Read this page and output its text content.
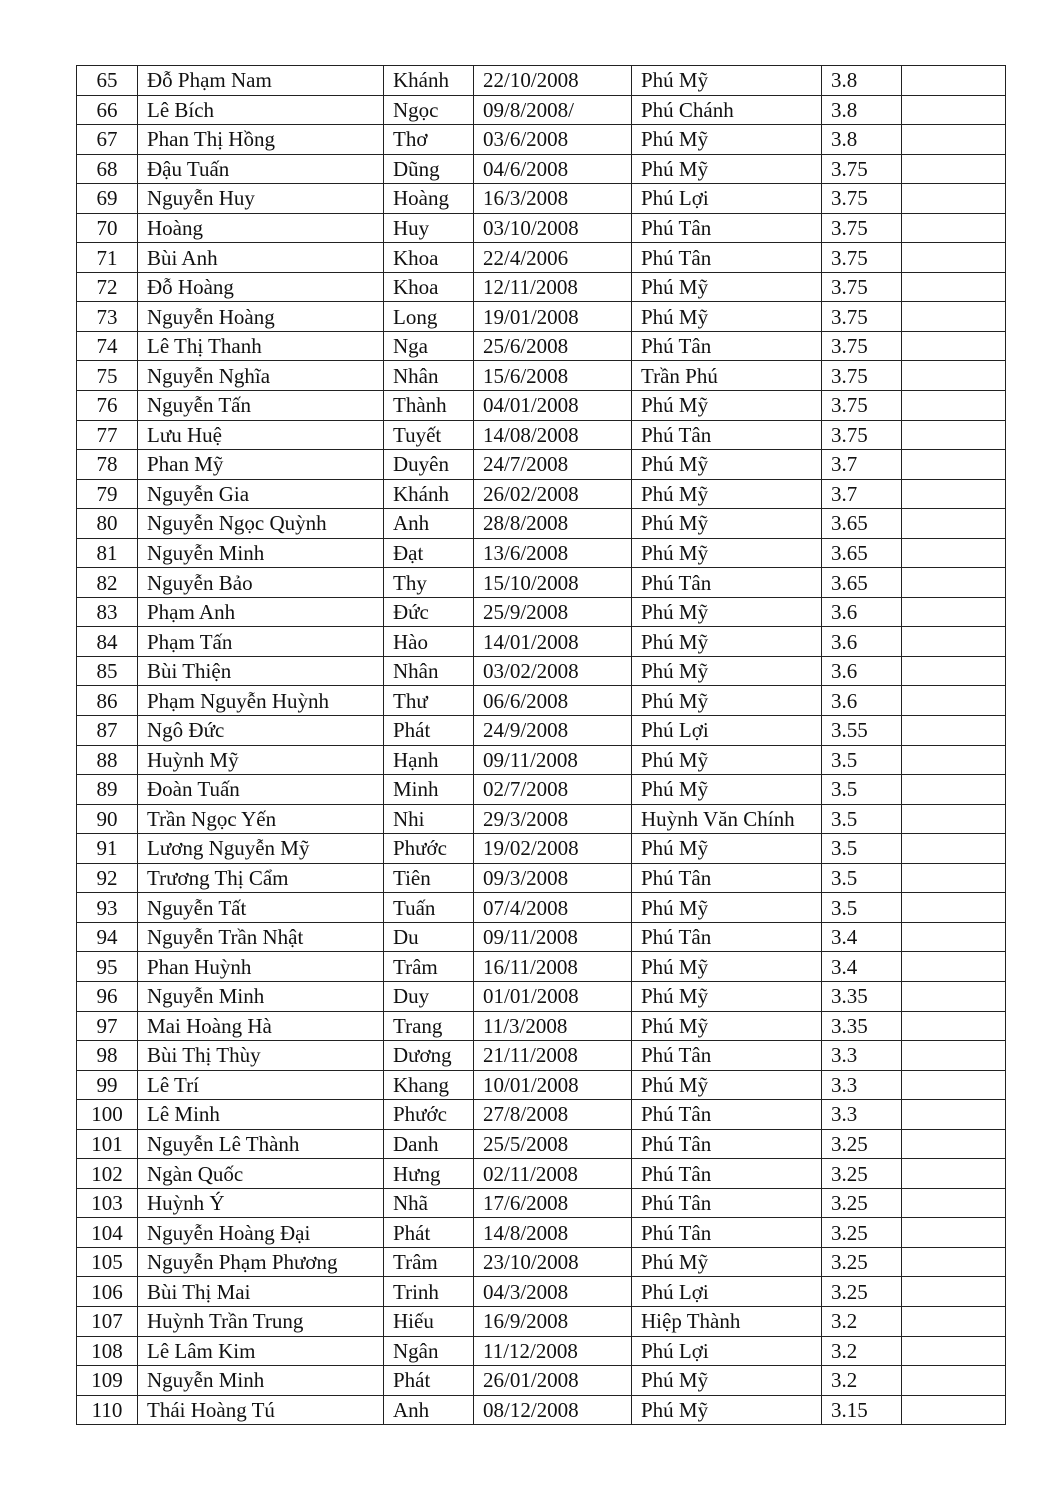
65	Đỗ Phạm Nam	Khánh	22/10/2008	Phú Mỹ	3.8	
66	Lê Bích	Ngọc	09/8/2008/	Phú Chánh	3.8	
67	Phan Thị Hồng	Thơ	03/6/2008	Phú Mỹ	3.8	
68	Đậu Tuấn	Dũng	04/6/2008	Phú Mỹ	3.75	
69	Nguyễn Huy	Hoàng	16/3/2008	Phú Lợi	3.75	
70	Hoàng	Huy	03/10/2008	Phú Tân	3.75	
71	Bùi Anh	Khoa	22/4/2006	Phú Tân	3.75	
72	Đỗ Hoàng	Khoa	12/11/2008	Phú Mỹ	3.75	
73	Nguyễn Hoàng	Long	19/01/2008	Phú Mỹ	3.75	
74	Lê Thị Thanh	Nga	25/6/2008	Phú Tân	3.75	
75	Nguyễn Nghĩa	Nhân	15/6/2008	Trần Phú	3.75	
76	Nguyễn Tấn	Thành	04/01/2008	Phú Mỹ	3.75	
77	Lưu Huệ	Tuyết	14/08/2008	Phú Tân	3.75	
78	Phan Mỹ	Duyên	24/7/2008	Phú Mỹ	3.7	
79	Nguyễn Gia	Khánh	26/02/2008	Phú Mỹ	3.7	
80	Nguyễn Ngọc Quỳnh	Anh	28/8/2008	Phú Mỹ	3.65	
81	Nguyễn Minh	Đạt	13/6/2008	Phú Mỹ	3.65	
82	Nguyễn Bảo	Thy	15/10/2008	Phú Tân	3.65	
83	Phạm Anh	Đức	25/9/2008	Phú Mỹ	3.6	
84	Phạm Tấn	Hào	14/01/2008	Phú Mỹ	3.6	
85	Bùi Thiện	Nhân	03/02/2008	Phú Mỹ	3.6	
86	Phạm Nguyễn Huỳnh	Thư	06/6/2008	Phú Mỹ	3.6	
87	Ngô Đức	Phát	24/9/2008	Phú Lợi	3.55	
88	Huỳnh Mỹ	Hạnh	09/11/2008	Phú Mỹ	3.5	
89	Đoàn Tuấn	Minh	02/7/2008	Phú Mỹ	3.5	
90	Trần Ngọc Yến	Nhi	29/3/2008	Huỳnh Văn Chính	3.5	
91	Lương Nguyễn Mỹ	Phước	19/02/2008	Phú Mỹ	3.5	
92	Trương Thị Cẩm	Tiên	09/3/2008	Phú Tân	3.5	
93	Nguyễn Tất	Tuấn	07/4/2008	Phú Mỹ	3.5	
94	Nguyễn Trần Nhật	Du	09/11/2008	Phú Tân	3.4	
95	Phan Huỳnh	Trâm	16/11/2008	Phú Mỹ	3.4	
96	Nguyễn Minh	Duy	01/01/2008	Phú Mỹ	3.35	
97	Mai Hoàng Hà	Trang	11/3/2008	Phú Mỹ	3.35	
98	Bùi Thị Thùy	Dương	21/11/2008	Phú Tân	3.3	
99	Lê Trí	Khang	10/01/2008	Phú Mỹ	3.3	
100	Lê Minh	Phước	27/8/2008	Phú Tân	3.3	
101	Nguyễn Lê Thành	Danh	25/5/2008	Phú Tân	3.25	
102	Ngàn Quốc	Hưng	02/11/2008	Phú Tân	3.25	
103	Huỳnh Ý	Nhã	17/6/2008	Phú Tân	3.25	
104	Nguyễn Hoàng Đại	Phát	14/8/2008	Phú Tân	3.25	
105	Nguyễn Phạm Phương	Trâm	23/10/2008	Phú Mỹ	3.25	
106	Bùi Thị Mai	Trinh	04/3/2008	Phú Lợi	3.25	
107	Huỳnh Trần Trung	Hiếu	16/9/2008	Hiệp Thành	3.2	
108	Lê Lâm Kim	Ngân	11/12/2008	Phú Lợi	3.2	
109	Nguyễn Minh	Phát	26/01/2008	Phú Mỹ	3.2	
110	Thái Hoàng Tú	Anh	08/12/2008	Phú Mỹ	3.15	
